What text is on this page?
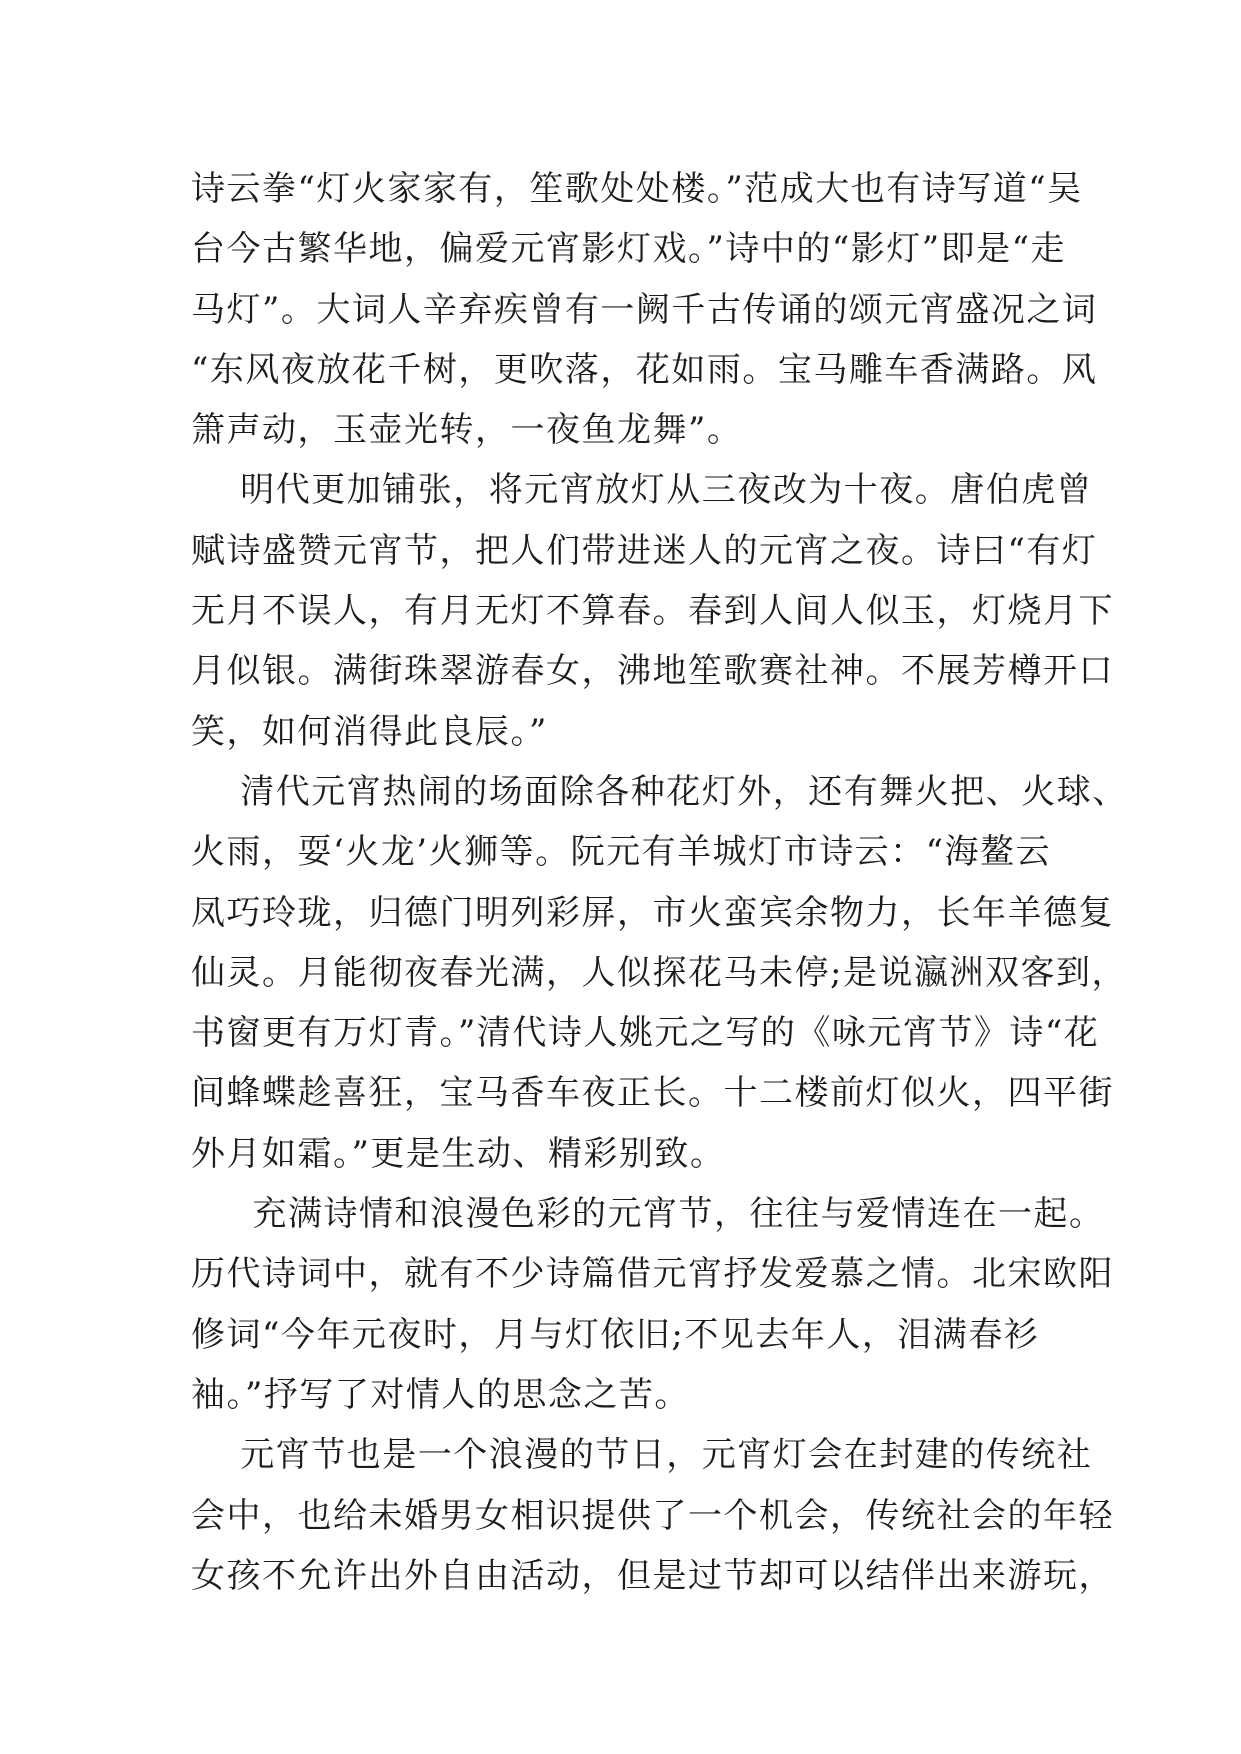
诗云拳“灯火家家有，笙歌处处楼。”范成大也有诗写道“吴
台今古繁华地，偏爱元宵影灯戏。”诗中的“影灯”即是“走
马灯”。大词人辛弃疾曾有一阙千古传诵的颂元宵盛况之词
“东风夜放花千树，更吹落，花如雨。宝马雕车香满路。风
箫声动，玉壶光转，一夜鱼龙舞”。
明代更加铺张，将元宵放灯从三夜改为十夜。唐伯虎曾
赋诗盛赞元宵节，把人们带进迷人的元宵之夜。诗曰“有灯
无月不误人，有月无灯不算春。春到人间人似玉，灯烧月下
月似银。满街珠翠游春女，沸地笙歌赛社神。不展芳樽开口
笑，如何消得此良辰。”
清代元宵热闹的场面除各种花灯外，还有舞火把、火球、
火雨，耍‘火龙’火狮等。阮元有羊城灯市诗云：“海鳌云
凤巧玲珑，归德门明列彩屏，市火蛮宾余物力，长年羊德复
仙灵。月能彻夜春光满，人似探花马未停;是说瀛洲双客到，
书窗更有万灯青。”清代诗人姚元之写的《咏元宵节》诗“花
间蜂蝶趁喜狂，宝马香车夜正长。十二楼前灯似火，四平街
外月如霜。”更是生动、精彩别致。
充满诗情和浪漫色彩的元宵节，往往与爱情连在一起。
历代诗词中，就有不少诗篇借元宵抒发爱慕之情。北宋欧阳
修词“今年元夜时，月与灯依旧;不见去年人，泪满春衫
袖。”抒写了对情人的思念之苦。
元宵节也是一个浪漫的节日，元宵灯会在封建的传统社
会中，也给未婚男女相识提供了一个机会，传统社会的年轻
女孩不允许出外自由活动，但是过节却可以结伴出来游玩，
